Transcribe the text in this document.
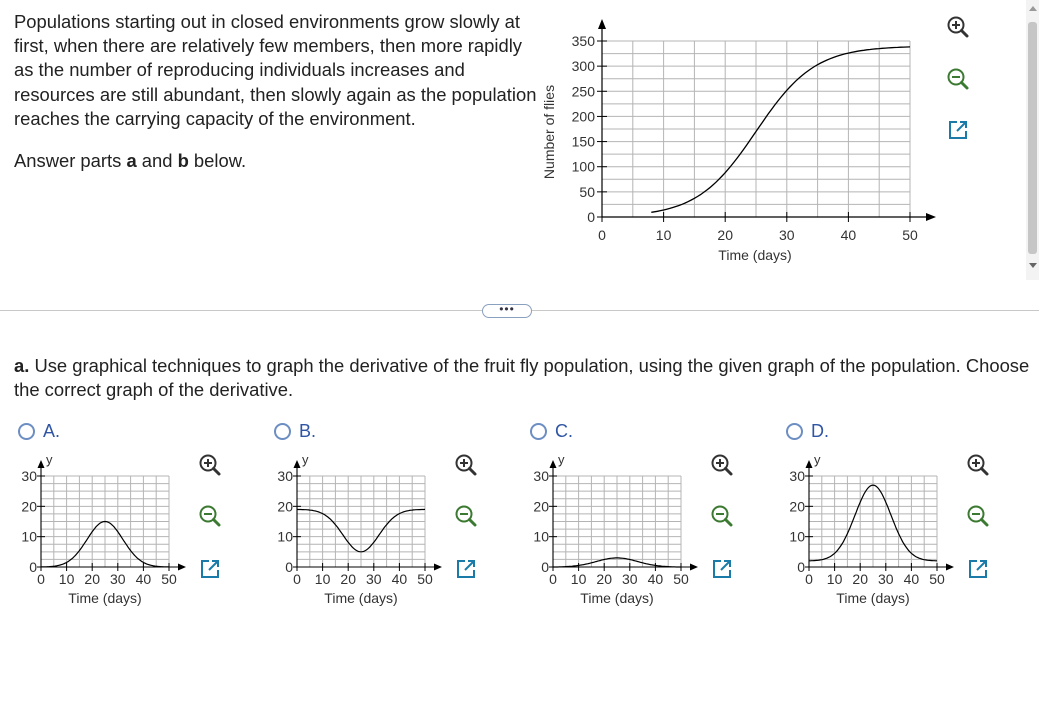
Populations starting out in closed environments grow slowly at first, when there are relatively few members, then more rapidly as the number of reproducing individuals increases and resources are still abundant, then slowly again as the population reaches the carrying capacity of the environment.

Answer parts a and b below.
0
50
100
150
200
250
300
350
0	10	20	30	40	50
Time (days)
Number of flies
•••

a. Use graphical techniques to graph the derivative of the fruit fly population, using the given graph of the population. Choose the correct graph of the derivative.

A.
y
0
10
20
30
0 10 20 30 40 50
Time (days)
B.
y
0
10
20
30
0 10 20 30 40 50
Time (days)
C.
y
0
10
20
30
0 10 20 30 40 50
Time (days)
D.
y
0
10
20
30
0 10 20 30 40 50
Time (days)
